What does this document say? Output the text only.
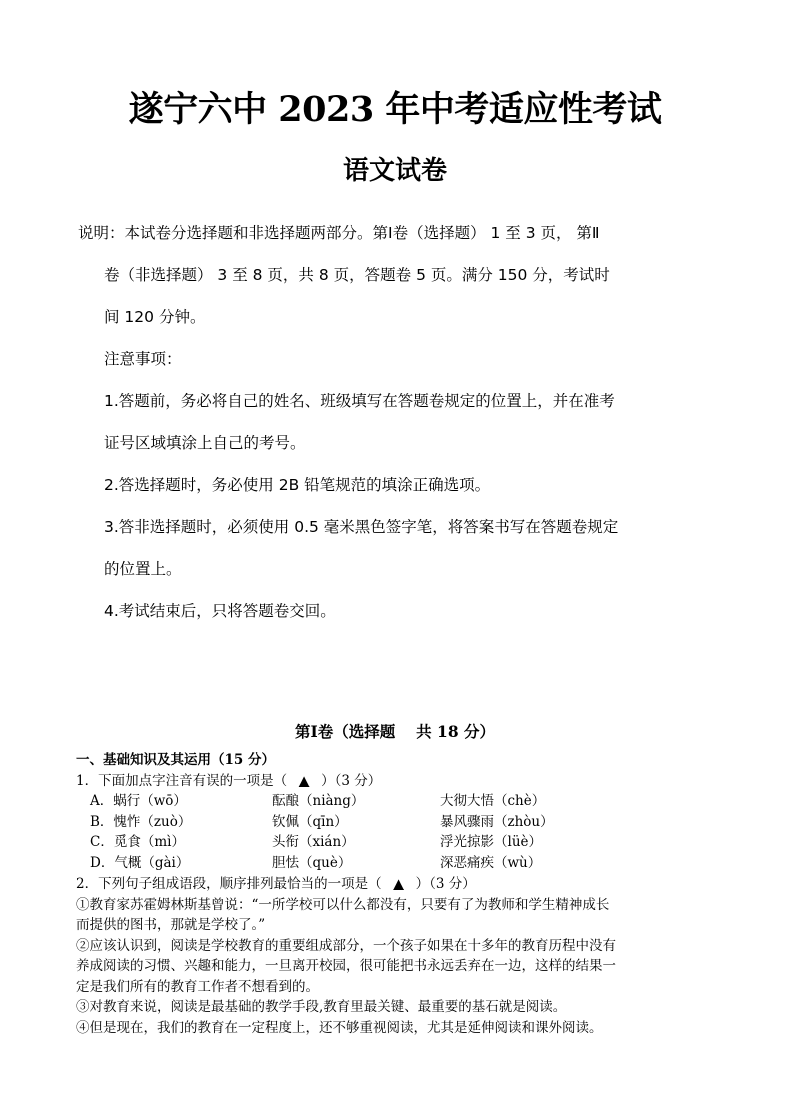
遂宁六中 2023 年中考适应性考试
语文试卷
说明：本试卷分选择题和非选择题两部分。第Ⅰ卷（选择题） 1 至 3 页， 第Ⅱ
卷（非选择题） 3 至 8 页，共 8 页，答题卷 5 页。满分 150 分，考试时
间 120 分钟。
注意事项：
1.答题前，务必将自己的姓名、班级填写在答题卷规定的位置上，并在准考
证号区域填涂上自己的考号。
2.答选择题时，务必使用 2B 铅笔规范的填涂正确选项。
3.答非选择题时，必须使用 0.5 毫米黑色签字笔，将答案书写在答题卷规定
的位置上。
4.考试结束后，只将答题卷交回。
第Ⅰ卷（选择题　 共 18 分）
一、基础知识及其运用（15 分）
1．下面加点字注音有误的一项是（ ▲ ）（3 分）
A．蜗行（wō）	酝酿（niàng）	大彻大悟（chè）
B．愧怍（zuò）	钦佩（qīn）	暴风骤雨（zhòu）
C．觅食（mì）	头衔（xián）	浮光掠影（lüè）
D．气概（gài）	胆怯（què）	深恶痛疾（wù）
2．下列句子组成语段，顺序排列最恰当的一项是（ ▲ ）（3 分）
①教育家苏霍姆林斯基曾说：“一所学校可以什么都没有，只要有了为教师和学生精神成长
而提供的图书，那就是学校了。”
②应该认识到，阅读是学校教育的重要组成部分，一个孩子如果在十多年的教育历程中没有
养成阅读的习惯、兴趣和能力，一旦离开校园，很可能把书永远丢弃在一边，这样的结果一
定是我们所有的教育工作者不想看到的。
③对教育来说，阅读是最基础的教学手段,教育里最关键、最重要的基石就是阅读。
④但是现在，我们的教育在一定程度上，还不够重视阅读，尤其是延伸阅读和课外阅读。
